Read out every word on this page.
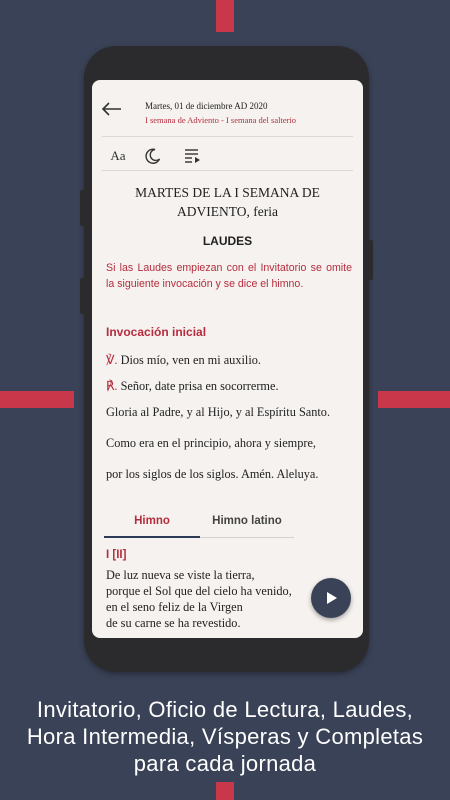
Martes, 01 de diciembre AD 2020
I semana de Adviento - I semana del salterio
Aa
MARTES DE LA I SEMANA DE
ADVIENTO, feria
LAUDES
Si las Laudes empiezan con el Invitatorio se omite la siguiente invocación y se dice el himno.
Invocación inicial
℣. Dios mío, ven en mi auxilio.
℟. Señor, date prisa en socorrerme.
Gloria al Padre, y al Hijo, y al Espíritu Santo.
Como era en el principio, ahora y siempre,
por los siglos de los siglos. Amén. Aleluya.
Himno	Himno latino
I [II]
De luz nueva se viste la tierra,
porque el Sol que del cielo ha venido,
en el seno feliz de la Virgen
de su carne se ha revestido.
Invitatorio, Oficio de Lectura, Laudes,
Hora Intermedia, Vísperas y Completas
para cada jornada
